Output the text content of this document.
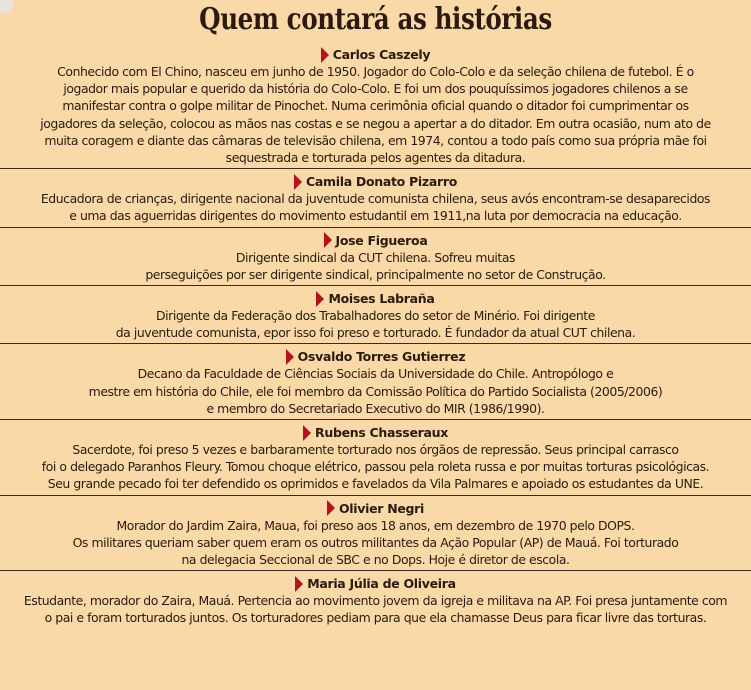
Quem contará as histórias
Carlos Caszely
Conhecido com El Chino, nasceu em junho de 1950. Jogador do Colo-Colo e da seleção chilena de futebol. É o
jogador mais popular e querido da história do Colo-Colo. E foi um dos pouquíssimos jogadores chilenos a se
manifestar contra o golpe militar de Pinochet. Numa cerimônia oficial quando o ditador foi cumprimentar os
jogadores da seleção, colocou as mãos nas costas e se negou a apertar a do ditador. Em outra ocasião, num ato de
muita coragem e diante das câmaras de televisão chilena, em 1974, contou a todo país como sua própria mãe foi
sequestrada e torturada pelos agentes da ditadura.
Camila Donato Pizarro
Educadora de crianças, dirigente nacional da juventude comunista chilena, seus avós encontram-se desaparecidos
e uma das aguerridas dirigentes do movimento estudantil em 1911,na luta por democracia na educação.
Jose Figueroa
Dirigente sindical da CUT chilena. Sofreu muitas
perseguições por ser dirigente sindical, principalmente no setor de Construção.
Moises Labraña
Dirigente da Federação dos Trabalhadores do setor de Minério. Foi dirigente
da juventude comunista, epor isso foi preso e torturado. É fundador da atual CUT chilena.
Osvaldo Torres Gutierrez
Decano da Faculdade de Ciências Sociais da Universidade do Chile. Antropólogo e
mestre em história do Chile, ele foi membro da Comissão Política do Partido Socialista (2005/2006)
e membro do Secretariado Executivo do MIR (1986/1990).
Rubens Chasseraux
Sacerdote, foi preso 5 vezes e barbaramente torturado nos órgãos de repressão. Seus principal carrasco
foi o delegado Paranhos Fleury. Tomou choque elétrico, passou pela roleta russa e por muitas torturas psicológicas.
Seu grande pecado foi ter defendido os oprimidos e favelados da Vila Palmares e apoiado os estudantes da UNE.
Olivier Negri
Morador do Jardim Zaira, Maua, foi preso aos 18 anos, em dezembro de 1970 pelo DOPS.
Os militares queriam saber quem eram os outros militantes da Ação Popular (AP) de Mauá. Foi torturado
na delegacia Seccional de SBC e no Dops. Hoje é diretor de escola.
Maria Júlia de Oliveira
Estudante, morador do Zaira, Mauá. Pertencia ao movimento jovem da igreja e militava na AP. Foi presa juntamente com
o pai e foram torturados juntos. Os torturadores pediam para que ela chamasse Deus para ficar livre das torturas.
